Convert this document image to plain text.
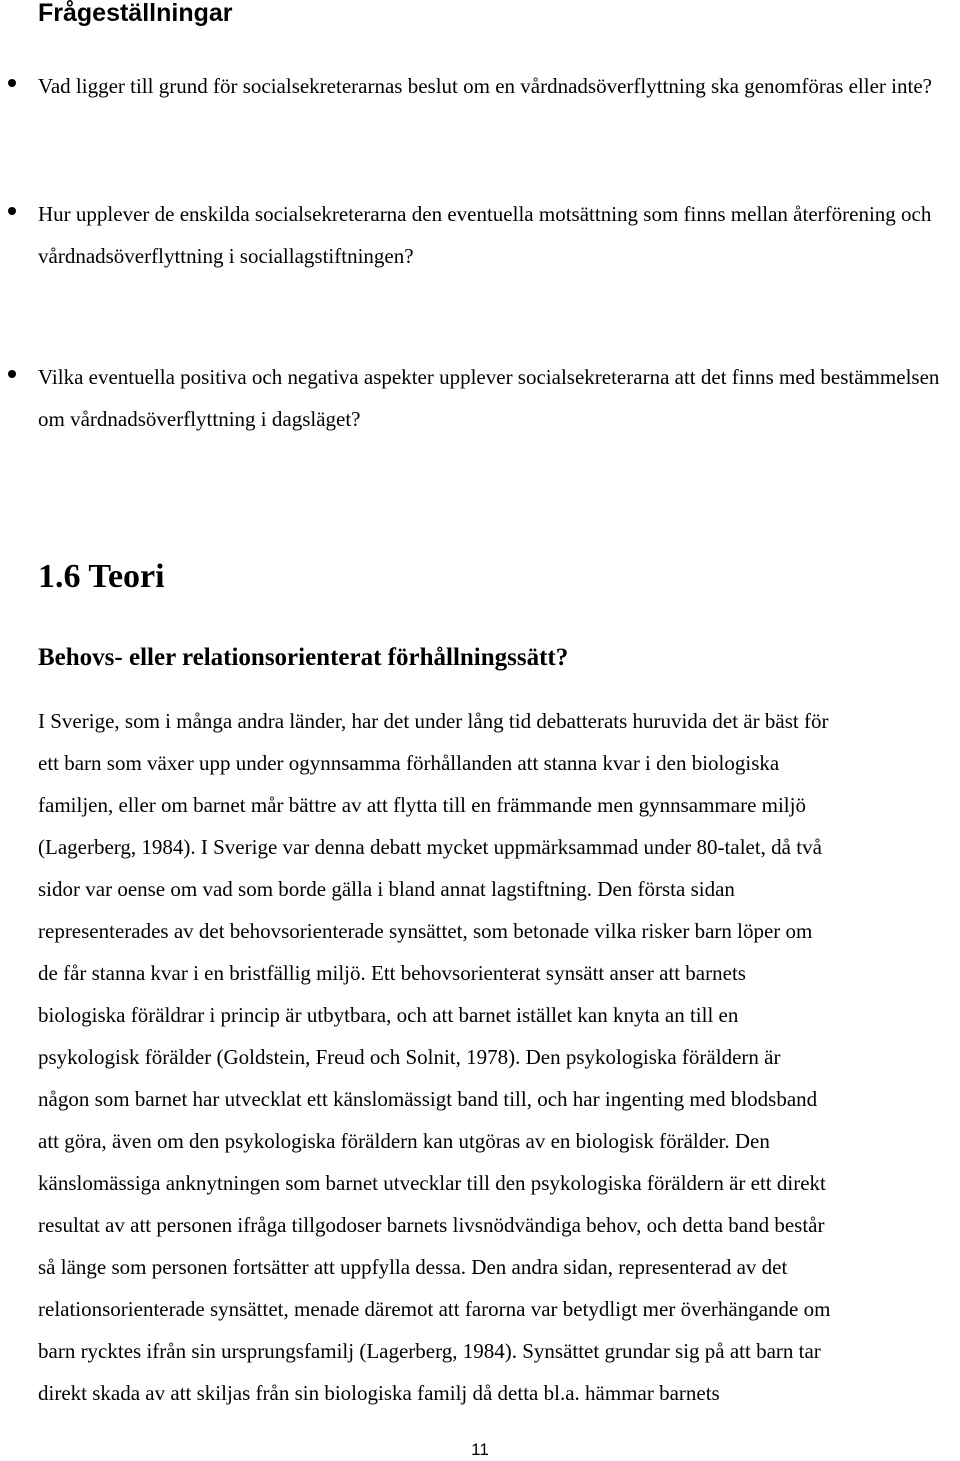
Frågeställningar
Vad ligger till grund för socialsekreterarnas beslut om en vårdnadsöverflyttning ska genomföras eller inte?
Hur upplever de enskilda socialsekreterarna den eventuella motsättning som finns mellan återförening och vårdnadsöverflyttning i sociallagstiftningen?
Vilka eventuella positiva och negativa aspekter upplever socialsekreterarna att det finns med bestämmelsen om vårdnadsöverflyttning i dagsläget?
1.6 Teori
Behovs- eller relationsorienterat förhållningssätt?
I Sverige, som i många andra länder, har det under lång tid debatterats huruvida det är bäst för
ett barn som växer upp under ogynnsamma förhållanden att stanna kvar i den biologiska
familjen, eller om barnet mår bättre av att flytta till en främmande men gynnsammare miljö
(Lagerberg, 1984). I Sverige var denna debatt mycket uppmärksammad under 80-talet, då två
sidor var oense om vad som borde gälla i bland annat lagstiftning. Den första sidan
representerades av det behovsorienterade synsättet, som betonade vilka risker barn löper om
de får stanna kvar i en bristfällig miljö. Ett behovsorienterat synsätt anser att barnets
biologiska föräldrar i princip är utbytbara, och att barnet istället kan knyta an till en
psykologisk förälder (Goldstein, Freud och Solnit, 1978). Den psykologiska föräldern är
någon som barnet har utvecklat ett känslomässigt band till, och har ingenting med blodsband
att göra, även om den psykologiska föräldern kan utgöras av en biologisk förälder. Den
känslomässiga anknytningen som barnet utvecklar till den psykologiska föräldern är ett direkt
resultat av att personen ifråga tillgodoser barnets livsnödvändiga behov, och detta band består
så länge som personen fortsätter att uppfylla dessa. Den andra sidan, representerad av det
relationsorienterade synsättet, menade däremot att farorna var betydligt mer överhängande om
barn rycktes ifrån sin ursprungsfamilj (Lagerberg, 1984). Synsättet grundar sig på att barn tar
direkt skada av att skiljas från sin biologiska familj då detta bl.a. hämmar barnets
11
